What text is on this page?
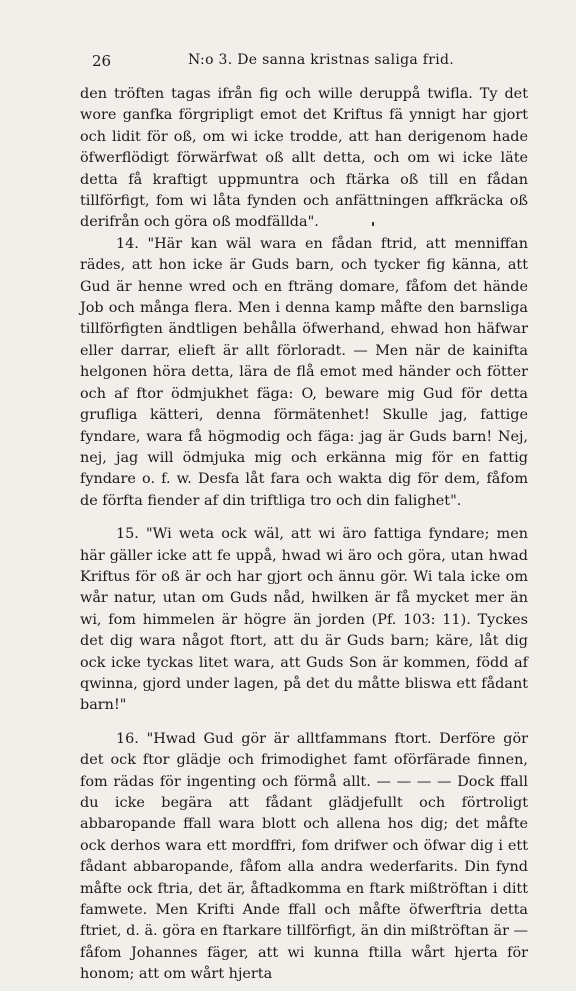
26	N:o 3. De sanna kristnas saliga frid.

den tröften tagas ifrån fig och wille deruppå twifla. Ty det wore ganfka förgripligt emot det Kriftus fä ynnigt har gjort och lidit för oß, om wi icke trodde, att han derigenom hade öfwerflödigt förwärfwat oß allt detta, och om wi icke läte detta få kraftigt uppmuntra och ftärka oß till en fådan tillförfigt, fom wi låta fynden och anfättningen affkräcka oß derifrån och göra oß modfällda".

14. "Här kan wäl wara en fådan ftrid, att menniffan rädes, att hon icke är Guds barn, och tycker fig känna, att Gud är henne wred och en fträng domare, fåfom det hände Job och många flera. Men i denna kamp måfte den barnsliga tillförfigten ändtligen behålla öfwerhand, ehwad hon häfwar eller darrar, elieft är allt förloradt. — Men när de kainifta helgonen höra detta, lära de flå emot med händer och fötter och af ftor ödmjukhet fäga: O, beware mig Gud för detta grufliga kätteri, denna förmätenhet! Skulle jag, fattige fyndare, wara få högmodig och fäga: jag är Guds barn! Nej, nej, jag will ödmjuka mig och erkänna mig för en fattig fyndare o. f. w. Desfa låt fara och wakta dig för dem, fåfom de förfta fiender af din triftliga tro och din falighet".

15. "Wi weta ock wäl, att wi äro fattiga fyndare; men här gäller icke att fe uppå, hwad wi äro och göra, utan hwad Kriftus för oß är och har gjort och ännu gör. Wi tala icke om wår natur, utan om Guds nåd, hwilken är få mycket mer än wi, fom himmelen är högre än jorden (Pf. 103: 11). Tyckes det dig wara något ftort, att du är Guds barn; käre, låt dig ock icke tyckas litet wara, att Guds Son är kommen, född af qwinna, gjord under lagen, på det du måtte bliswa ett fådant barn!"

16. "Hwad Gud gör är alltfammans ftort. Derföre gör det ock ftor glädje och frimodighet famt oförfärade finnen, fom rädas för ingenting och förmå allt. — — — — Dock ffall du icke begära att fådant glädjefullt och förtroligt abbaropande ffall wara blott och allena hos dig; det måfte ock derhos wara ett mordffri, fom drifwer och öfwar dig i ett fådant abbaropande, fåfom alla andra wederfarits. Din fynd måfte ock ftria, det är, åftadkomma en ftark mißtröftan i ditt famwete. Men Krifti Ande ffall och måfte öfwerftria detta ftriet, d. ä. göra en ftarkare tillförfigt, än din mißtröftan är — fåfom Johannes fäger, att wi kunna ftilla wårt hjerta för honom; att om wårt hjerta
